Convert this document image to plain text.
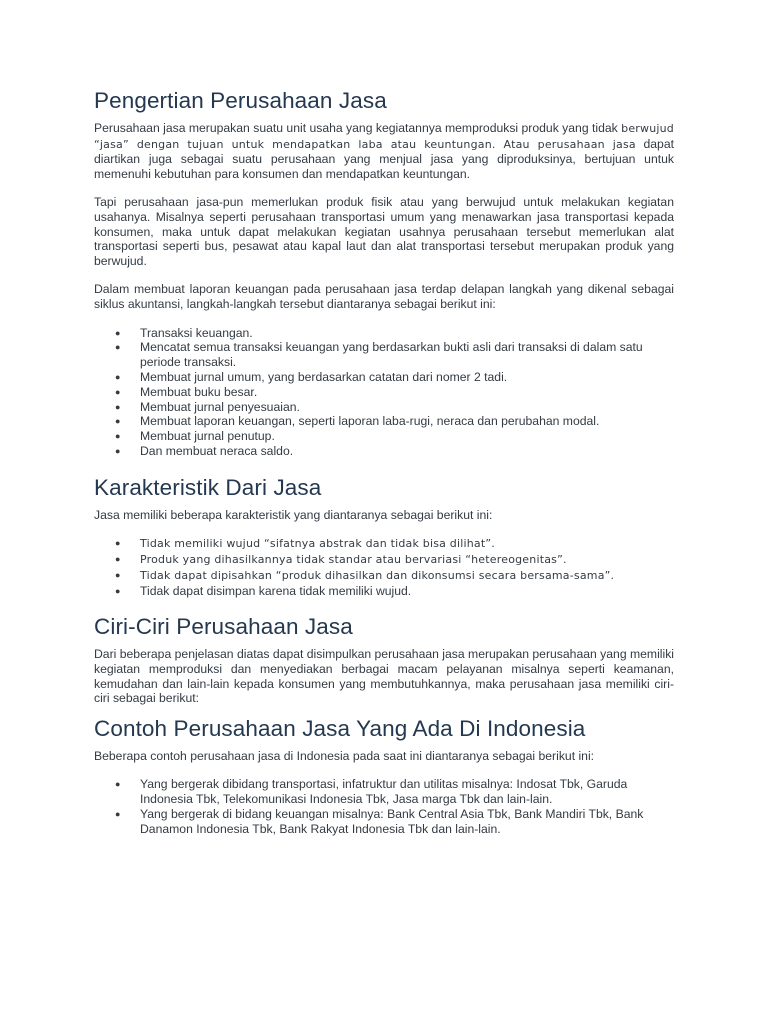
Pengertian Perusahaan Jasa

Perusahaan jasa merupakan suatu unit usaha yang kegiatannya memproduksi produk yang tidak berwujud “jasa” dengan tujuan untuk mendapatkan laba atau keuntungan. Atau perusahaan jasa dapat diartikan juga sebagai suatu perusahaan yang menjual jasa yang diproduksinya, bertujuan untuk memenuhi kebutuhan para konsumen dan mendapatkan keuntungan.

Tapi perusahaan jasa-pun memerlukan produk fisik atau yang berwujud untuk melakukan kegiatan usahanya. Misalnya seperti perusahaan transportasi umum yang menawarkan jasa transportasi kepada konsumen, maka untuk dapat melakukan kegiatan usahnya perusahaan tersebut memerlukan alat transportasi seperti bus, pesawat atau kapal laut dan alat transportasi tersebut merupakan produk yang berwujud.

Dalam membuat laporan keuangan pada perusahaan jasa terdap delapan langkah yang dikenal sebagai siklus akuntansi, langkah-langkah tersebut diantaranya sebagai berikut ini:

● Transaksi keuangan.
● Mencatat semua transaksi keuangan yang berdasarkan bukti asli dari transaksi di dalam satu periode transaksi.
● Membuat jurnal umum, yang berdasarkan catatan dari nomer 2 tadi.
● Membuat buku besar.
● Membuat jurnal penyesuaian.
● Membuat laporan keuangan, seperti laporan laba-rugi, neraca dan perubahan modal.
● Membuat jurnal penutup.
● Dan membuat neraca saldo.
Karakteristik Dari Jasa

Jasa memiliki beberapa karakteristik yang diantaranya sebagai berikut ini:

● Tidak memiliki wujud “sifatnya abstrak dan tidak bisa dilihat”.
● Produk yang dihasilkannya tidak standar atau bervariasi “hetereogenitas”.
● Tidak dapat dipisahkan “produk dihasilkan dan dikonsumsi secara bersama-sama”.
● Tidak dapat disimpan karena tidak memiliki wujud.
Ciri-Ciri Perusahaan Jasa

Dari beberapa penjelasan diatas dapat disimpulkan perusahaan jasa merupakan perusahaan yang memiliki kegiatan memproduksi dan menyediakan berbagai macam pelayanan misalnya seperti keamanan, kemudahan dan lain-lain kepada konsumen yang membutuhkannya, maka perusahaan jasa memiliki ciri-ciri sebagai berikut:

Contoh Perusahaan Jasa Yang Ada Di Indonesia

Beberapa contoh perusahaan jasa di Indonesia pada saat ini diantaranya sebagai berikut ini:

● Yang bergerak dibidang transportasi, infatruktur dan utilitas misalnya: Indosat Tbk, Garuda Indonesia Tbk, Telekomunikasi Indonesia Tbk, Jasa marga Tbk dan lain-lain.
● Yang bergerak di bidang keuangan misalnya: Bank Central Asia Tbk, Bank Mandiri Tbk, Bank Danamon Indonesia Tbk, Bank Rakyat Indonesia Tbk dan lain-lain.
